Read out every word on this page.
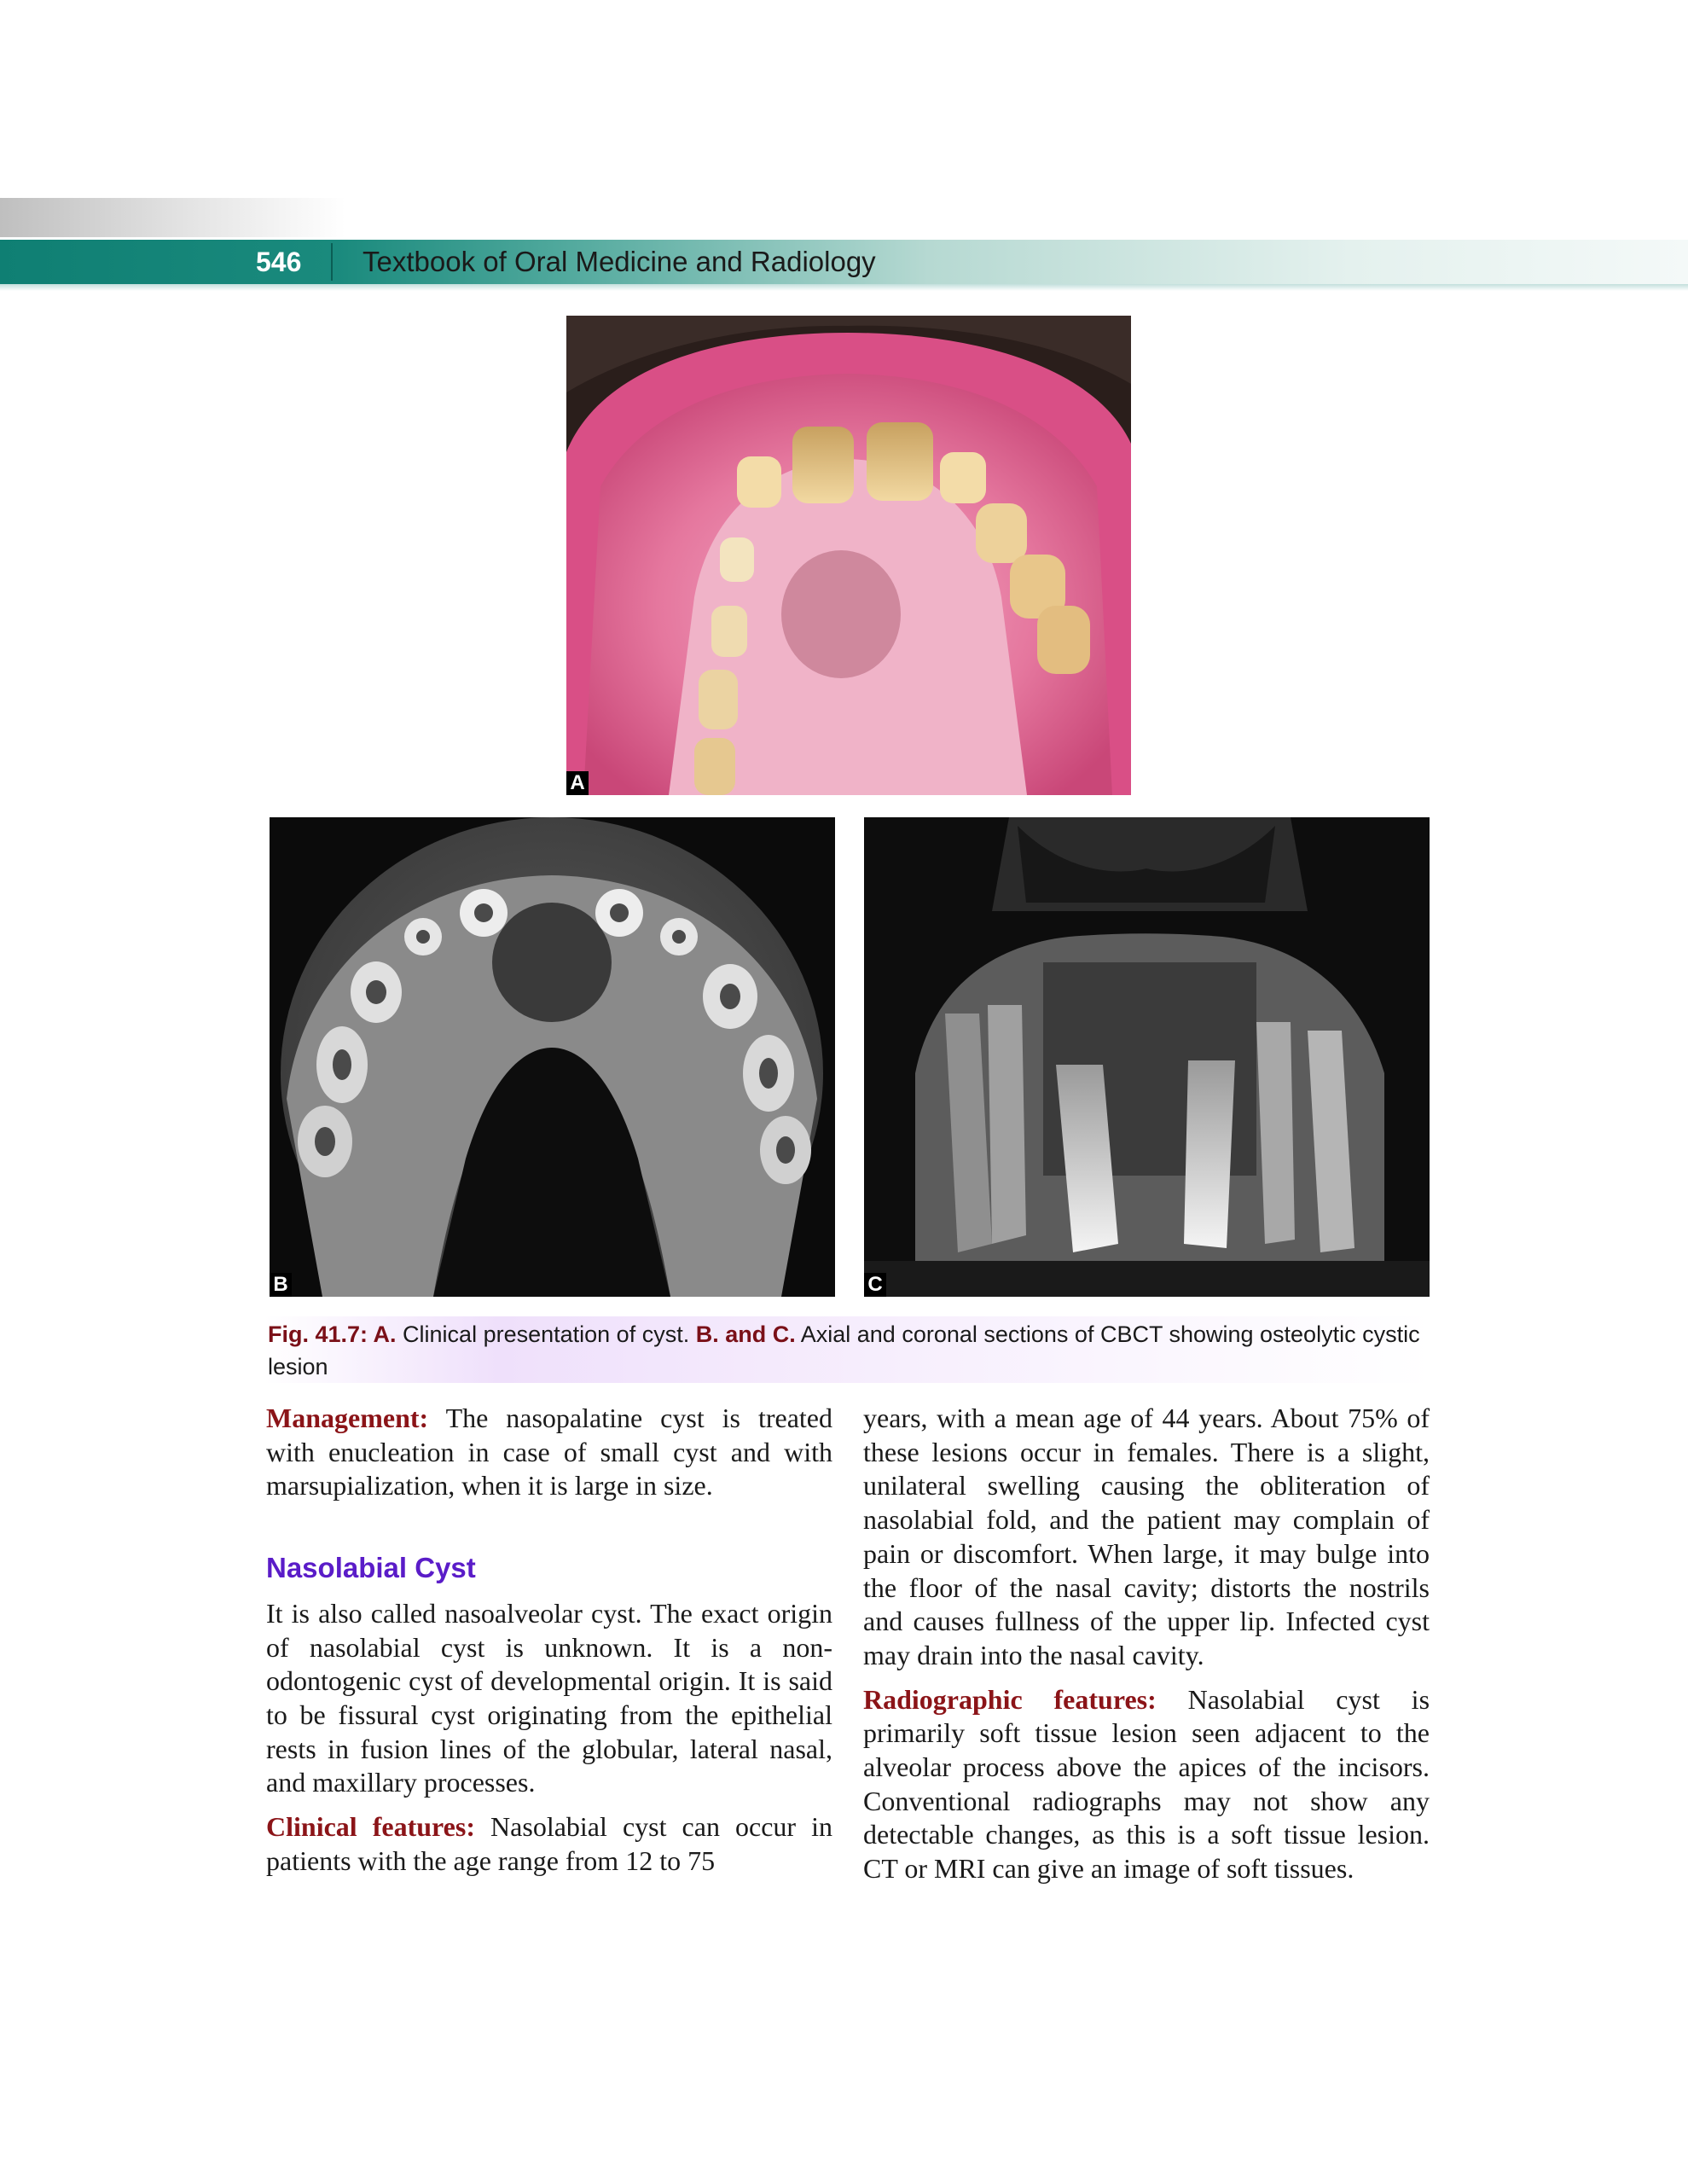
546 Textbook of Oral Medicine and Radiology
A
B	C
Fig. 41.7: A. Clinical presentation of cyst. B. and C. Axial and coronal sections of CBCT showing osteolytic cystic lesion

Management: The nasopalatine cyst is treated with enucleation in case of small cyst and with marsupialization, when it is large in size.

Nasolabial Cyst

It is also called nasoalveolar cyst. The exact origin of nasolabial cyst is unknown. It is a non-odontogenic cyst of developmental origin. It is said to be fissural cyst originating from the epithelial rests in fusion lines of the globular, lateral nasal, and maxillary processes.

Clinical features: Nasolabial cyst can occur in patients with the age range from 12 to 75

years, with a mean age of 44 years. About 75% of these lesions occur in females. There is a slight, unilateral swelling causing the obliteration of nasolabial fold, and the patient may complain of pain or discomfort. When large, it may bulge into the floor of the nasal cavity; distorts the nostrils and causes fullness of the upper lip. Infected cyst may drain into the nasal cavity.

Radiographic features: Nasolabial cyst is primarily soft tissue lesion seen adjacent to the alveolar process above the apices of the incisors. Conventional radiographs may not show any detectable changes, as this is a soft tissue lesion. CT or MRI can give an image of soft tissues.
